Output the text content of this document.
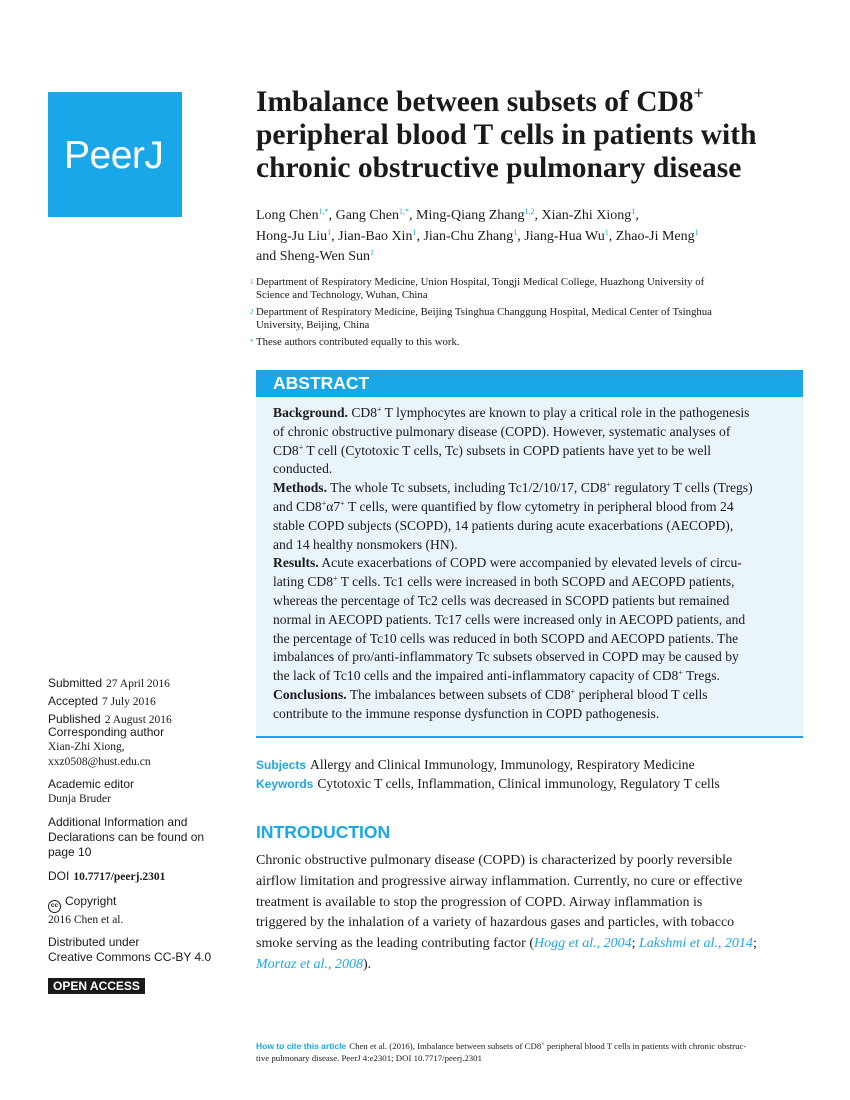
PeerJ
Imbalance between subsets of CD8+
peripheral blood T cells in patients with
chronic obstructive pulmonary disease
Long Chen$^{1,*}$, Gang Chen$^{1,*}$, Ming-Qiang Zhang$^{1,2}$, Xian-Zhi Xiong$^1$,
Hong-Ju Liu$^1$, Jian-Bao Xin$^1$, Jian-Chu Zhang$^1$, Jiang-Hua Wu$^1$, Zhao-Ji Meng$^1$
and Sheng-Wen Sun$^1$
1 Department of Respiratory Medicine, Union Hospital, Tongji Medical College, Huazhong University of
Science and Technology, Wuhan, China
2 Department of Respiratory Medicine, Beijing Tsinghua Changgung Hospital, Medical Center of Tsinghua
University, Beijing, China
* These authors contributed equally to this work.
ABSTRACT
Background. CD8+ T lymphocytes are known to play a critical role in the pathogenesis
of chronic obstructive pulmonary disease (COPD). However, systematic analyses of
CD8+ T cell (Cytotoxic T cells, Tc) subsets in COPD patients have yet to be well
conducted.
Methods. The whole Tc subsets, including Tc1/2/10/17, CD8+ regulatory T cells (Tregs)
and CD8+α7+ T cells, were quantified by flow cytometry in peripheral blood from 24
stable COPD subjects (SCOPD), 14 patients during acute exacerbations (AECOPD),
and 14 healthy nonsmokers (HN).
Results. Acute exacerbations of COPD were accompanied by elevated levels of circu-
lating CD8+ T cells. Tc1 cells were increased in both SCOPD and AECOPD patients,
whereas the percentage of Tc2 cells was decreased in SCOPD patients but remained
normal in AECOPD patients. Tc17 cells were increased only in AECOPD patients, and
the percentage of Tc10 cells was reduced in both SCOPD and AECOPD patients. The
imbalances of pro/anti-inflammatory Tc subsets observed in COPD may be caused by
the lack of Tc10 cells and the impaired anti-inflammatory capacity of CD8+ Tregs.
Conclusions. The imbalances between subsets of CD8+ peripheral blood T cells
contribute to the immune response dysfunction in COPD pathogenesis.
Subjects Allergy and Clinical Immunology, Immunology, Respiratory Medicine
Keywords Cytotoxic T cells, Inflammation, Clinical immunology, Regulatory T cells
INTRODUCTION
Chronic obstructive pulmonary disease (COPD) is characterized by poorly reversible
airflow limitation and progressive airway inflammation. Currently, no cure or effective
treatment is available to stop the progression of COPD. Airway inflammation is
triggered by the inhalation of a variety of hazardous gases and particles, with tobacco
smoke serving as the leading contributing factor (Hogg et al., 2004; Lakshmi et al., 2014;
Mortaz et al., 2008).
Submitted 27 April 2016
Accepted 7 July 2016
Published 2 August 2016
Corresponding author
Xian-Zhi Xiong,
xxz0508@hust.edu.cn
Academic editor
Dunja Bruder
Additional Information and
Declarations can be found on
page 10
DOI 10.7717/peerj.2301
cc Copyright
2016 Chen et al.
Distributed under
Creative Commons CC-BY 4.0
OPEN ACCESS
How to cite this article Chen et al. (2016), Imbalance between subsets of CD8+ peripheral blood T cells in patients with chronic obstruc-
tive pulmonary disease. PeerJ 4:e2301; DOI 10.7717/peerj.2301
